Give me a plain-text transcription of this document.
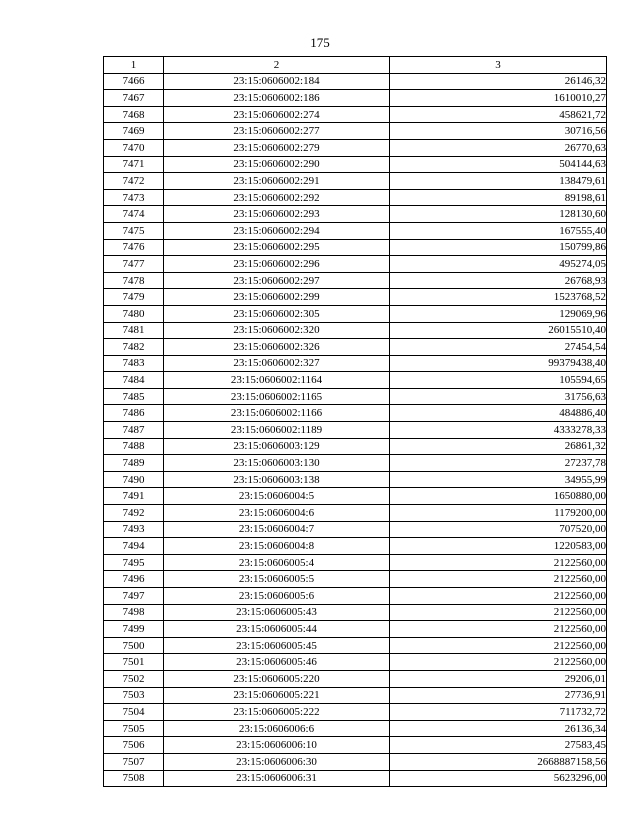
175
1	2	3
7466	23:15:0606002:184	26146,32
7467	23:15:0606002:186	1610010,27
7468	23:15:0606002:274	458621,72
7469	23:15:0606002:277	30716,56
7470	23:15:0606002:279	26770,63
7471	23:15:0606002:290	504144,63
7472	23:15:0606002:291	138479,61
7473	23:15:0606002:292	89198,61
7474	23:15:0606002:293	128130,60
7475	23:15:0606002:294	167555,40
7476	23:15:0606002:295	150799,86
7477	23:15:0606002:296	495274,05
7478	23:15:0606002:297	26768,93
7479	23:15:0606002:299	1523768,52
7480	23:15:0606002:305	129069,96
7481	23:15:0606002:320	26015510,40
7482	23:15:0606002:326	27454,54
7483	23:15:0606002:327	99379438,40
7484	23:15:0606002:1164	105594,65
7485	23:15:0606002:1165	31756,63
7486	23:15:0606002:1166	484886,40
7487	23:15:0606002:1189	4333278,33
7488	23:15:0606003:129	26861,32
7489	23:15:0606003:130	27237,78
7490	23:15:0606003:138	34955,99
7491	23:15:0606004:5	1650880,00
7492	23:15:0606004:6	1179200,00
7493	23:15:0606004:7	707520,00
7494	23:15:0606004:8	1220583,00
7495	23:15:0606005:4	2122560,00
7496	23:15:0606005:5	2122560,00
7497	23:15:0606005:6	2122560,00
7498	23:15:0606005:43	2122560,00
7499	23:15:0606005:44	2122560,00
7500	23:15:0606005:45	2122560,00
7501	23:15:0606005:46	2122560,00
7502	23:15:0606005:220	29206,01
7503	23:15:0606005:221	27736,91
7504	23:15:0606005:222	711732,72
7505	23:15:0606006:6	26136,34
7506	23:15:0606006:10	27583,45
7507	23:15:0606006:30	2668887158,56
7508	23:15:0606006:31	5623296,00
